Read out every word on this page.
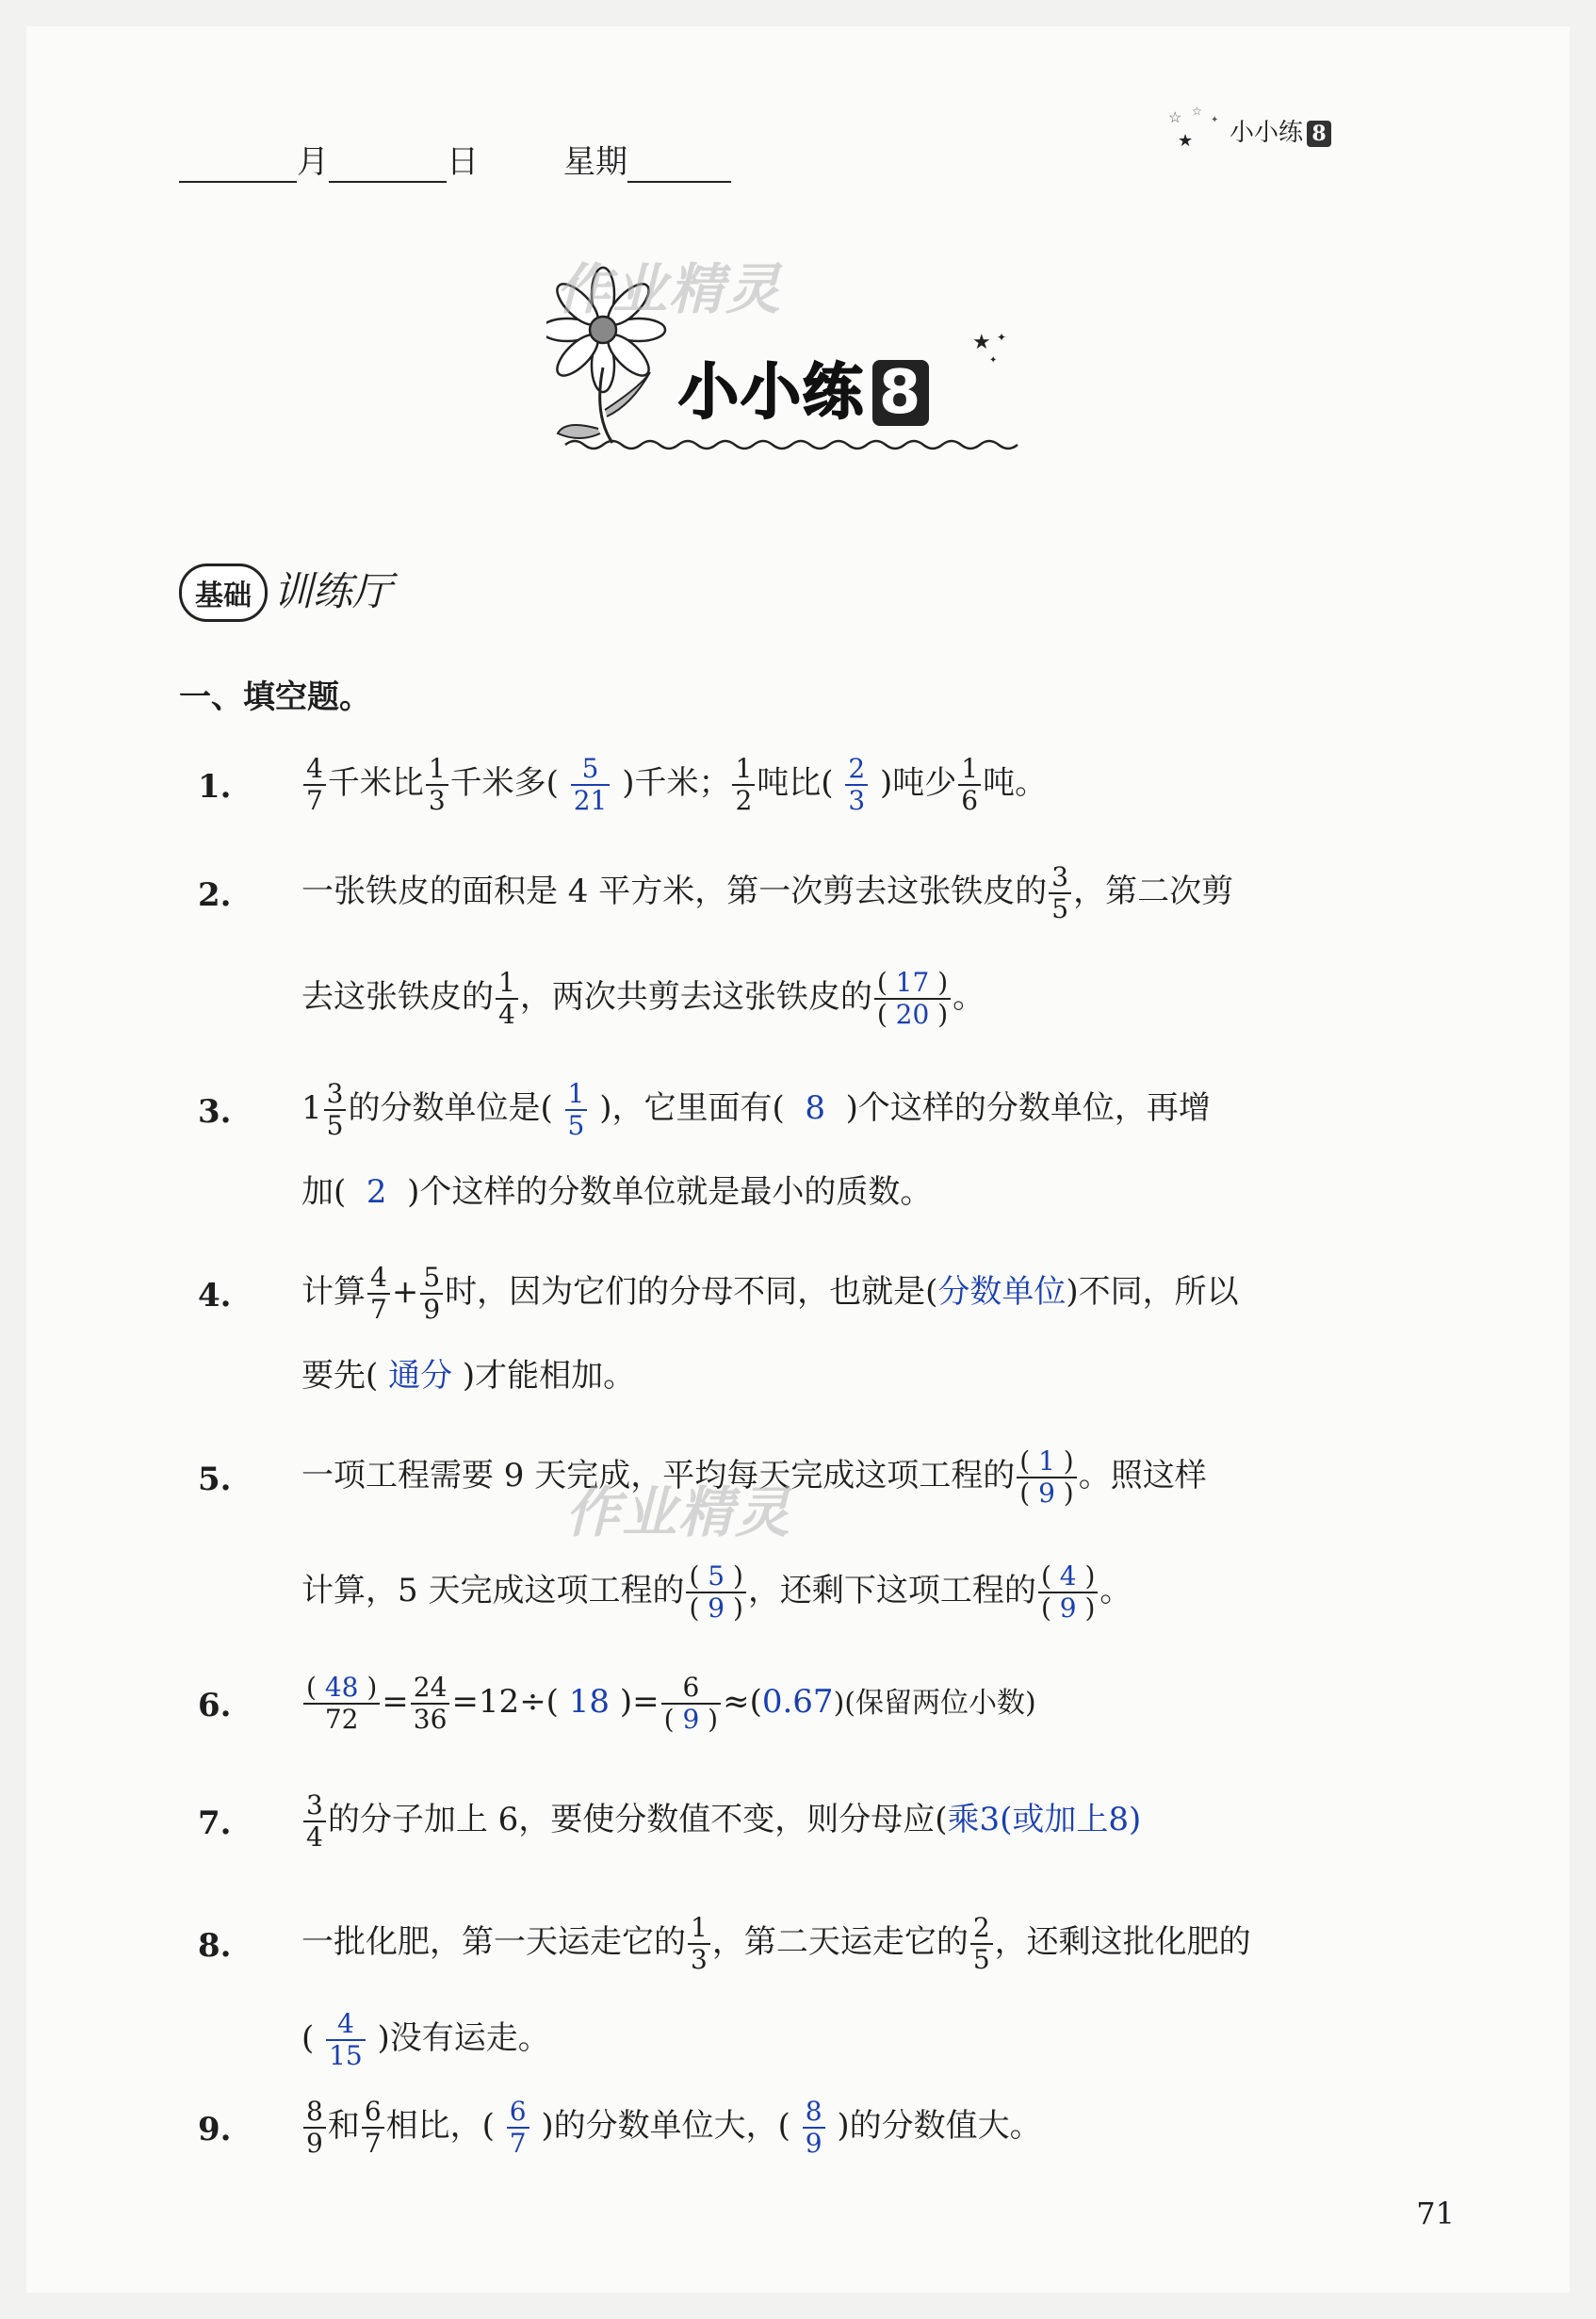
月	日	星期
☆ ☆
✦
★ 小小练 8
★ ✦
✦
作业精灵
小小练 8
基础 训练厅
一、填空题。
1.	$\frac{4}{7}$ 千米比 $\frac{1}{3}$ 千米多( $\frac{5}{21}$ )千米； $\frac{1}{2}$ 吨比( $\frac{2}{3}$ )吨少 $\frac{1}{6}$ 吨。
2. 一张铁皮的面积是 4 平方米，第一次剪去这张铁皮的 $\frac{3}{5}$ ，第二次剪
去这张铁皮的 $\frac{1}{4}$ ，两次共剪去这张铁皮的 $\frac{( 17 )}{( 20 )}$ 。
3. $1 \frac{3}{5}$ 的分数单位是( $\frac{1}{5}$ )，它里面有( 8 )个这样的分数单位，再增
加( 2 )个这样的分数单位就是最小的质数。
4. 计算 $\frac{4}{7} + \frac{5}{9}$ 时，因为它们的分母不同，也就是(分数单位)不同，所以
要先( 通分 )才能相加。
5. 一项工程需要 9 天完成，平均每天完成这项工程的 $\frac{( 1 )}{( 9 )}$ 。照这样
计算，5 天完成这项工程的 $\frac{( 5 )}{( 9 )}$ ，还剩下这项工程的 $\frac{( 4 )}{( 9 )}$ 。
作业精灵
6.	$\frac{( 48 )}{72} = \frac{24}{36} =12\div$( 18 )= $\frac{6}{( 9 )} \approx(0.67)$(保留两位小数)
7.	$\frac{3}{4}$ 的分子加上 6，要使分数值不变，则分母应(乘3(或加上8)
8. 一批化肥，第一天运走它的 $\frac{1}{3}$ ，第二天运走它的 $\frac{2}{5}$ ，还剩这批化肥的
( $\frac{4}{15}$ )没有运走。
9.	$\frac{8}{9}$ 和 $\frac{6}{7}$ 相比，( $\frac{6}{7}$ )的分数单位大，( $\frac{8}{9}$ )的分数值大。
71
